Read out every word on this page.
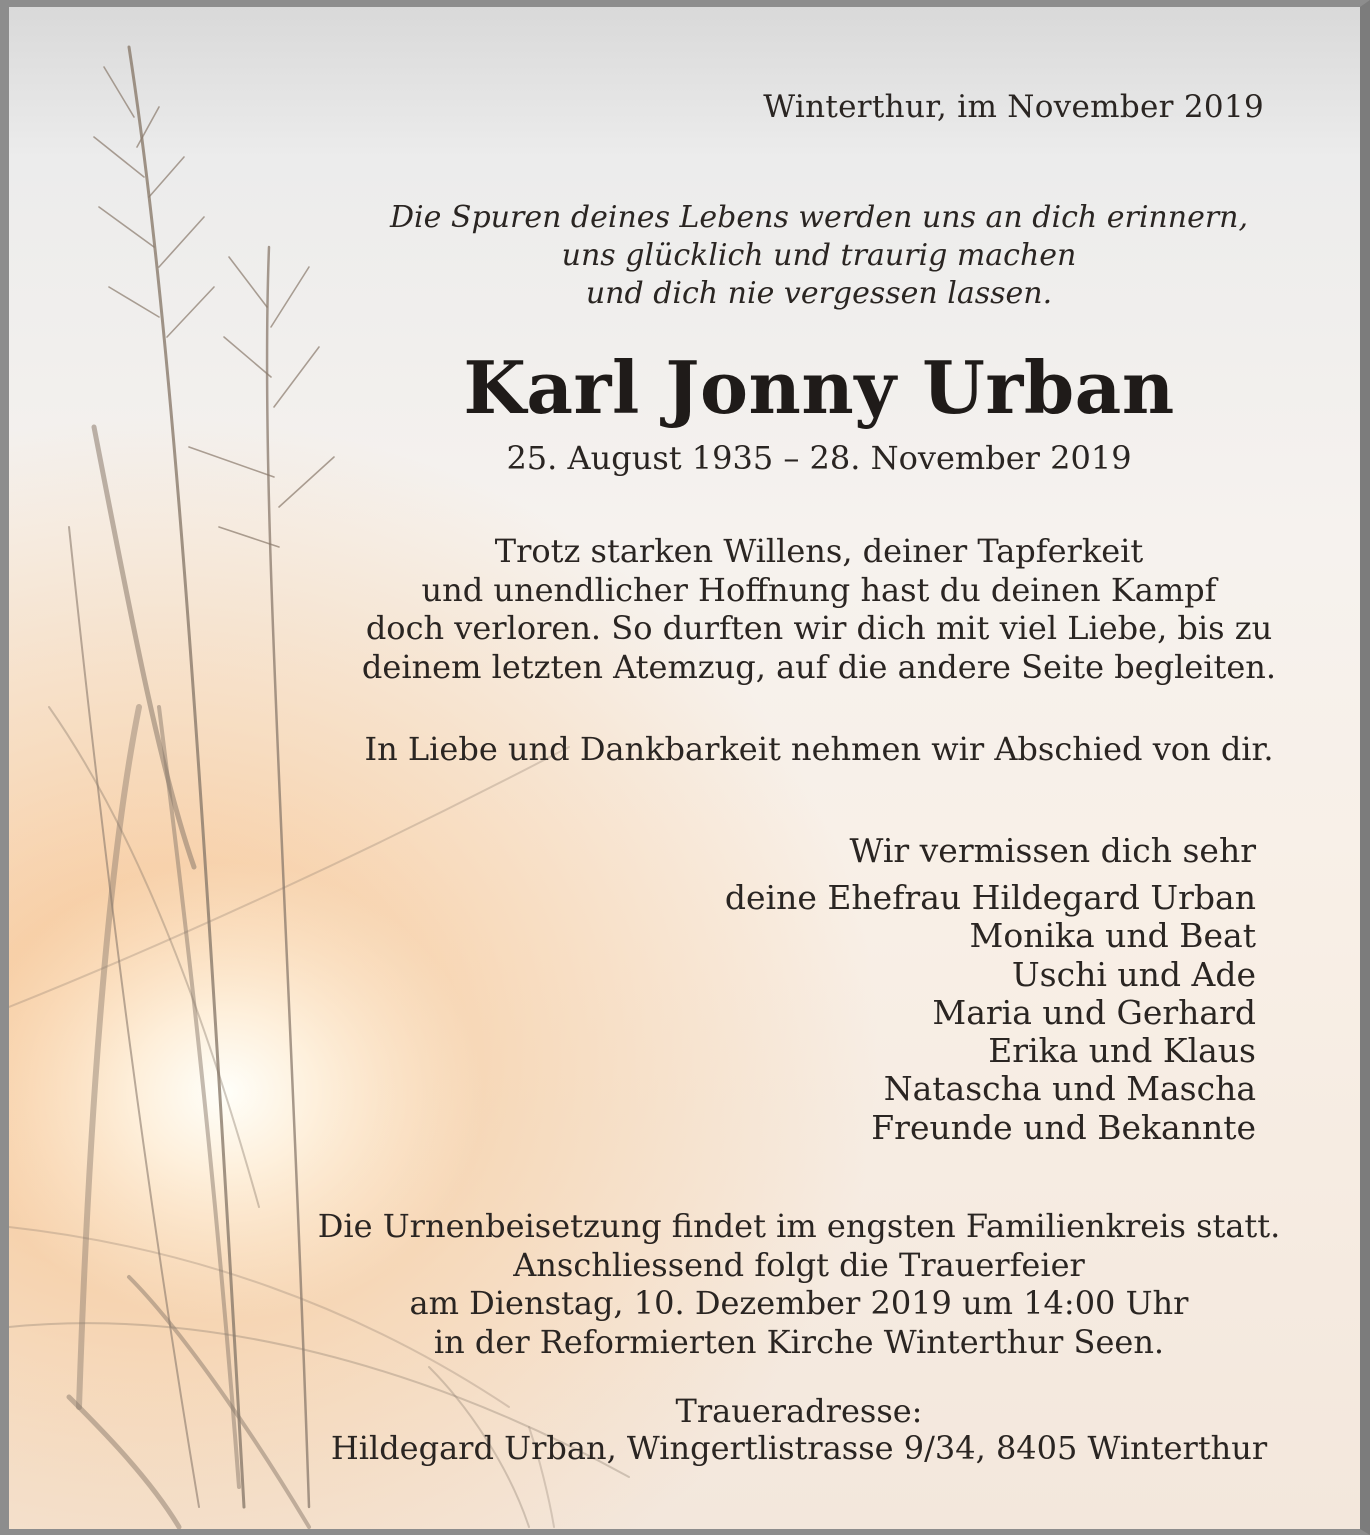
Winterthur, im November 2019
Die Spuren deines Lebens werden uns an dich erinnern,
uns glücklich und traurig machen
und dich nie vergessen lassen.
Karl Jonny Urban
25. August 1935 – 28. November 2019
Trotz starken Willens, deiner Tapferkeit
und unendlicher Hoffnung hast du deinen Kampf
doch verloren. So durften wir dich mit viel Liebe, bis zu
deinem letzten Atemzug, auf die andere Seite begleiten.
In Liebe und Dankbarkeit nehmen wir Abschied von dir.
Wir vermissen dich sehr
deine Ehefrau Hildegard Urban
Monika und Beat
Uschi und Ade
Maria und Gerhard
Erika und Klaus
Natascha und Mascha
Freunde und Bekannte
Die Urnenbeisetzung findet im engsten Familienkreis statt.
Anschliessend folgt die Trauerfeier
am Dienstag, 10. Dezember 2019 um 14:00 Uhr
in der Reformierten Kirche Winterthur Seen.
Traueradresse:
Hildegard Urban, Wingertlistrasse 9/34, 8405 Winterthur
